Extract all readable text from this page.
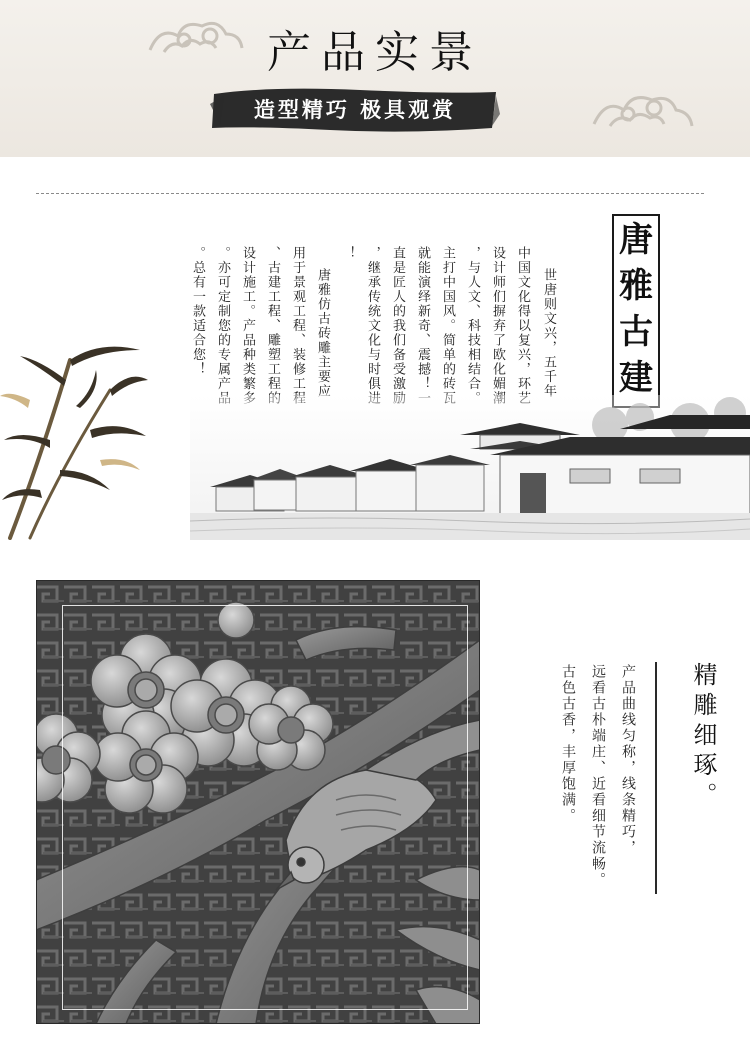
产品实景
造型精巧 极具观赏
世唐则文兴，五千年
中国文化得以复兴，环艺
设计师们摒弃了欧化媚潮
，与人文、科技相结合。
主打中国风。简单的砖瓦
就能演绎新奇、震撼！一
直是匠人的我们备受激励
，继承传统文化与时俱进
！
唐雅仿古砖雕主要应
用于景观工程、装修工程
、古建工程、雕塑工程的
设计施工。产品种类繁多
。亦可定制您的专属产品
。总有一款适合您！
唐
雅
古
建
精雕细琢。
产品曲线匀称，线条精巧，
远看古朴端庄、近看细节流畅。
古色古香，丰厚饱满。
